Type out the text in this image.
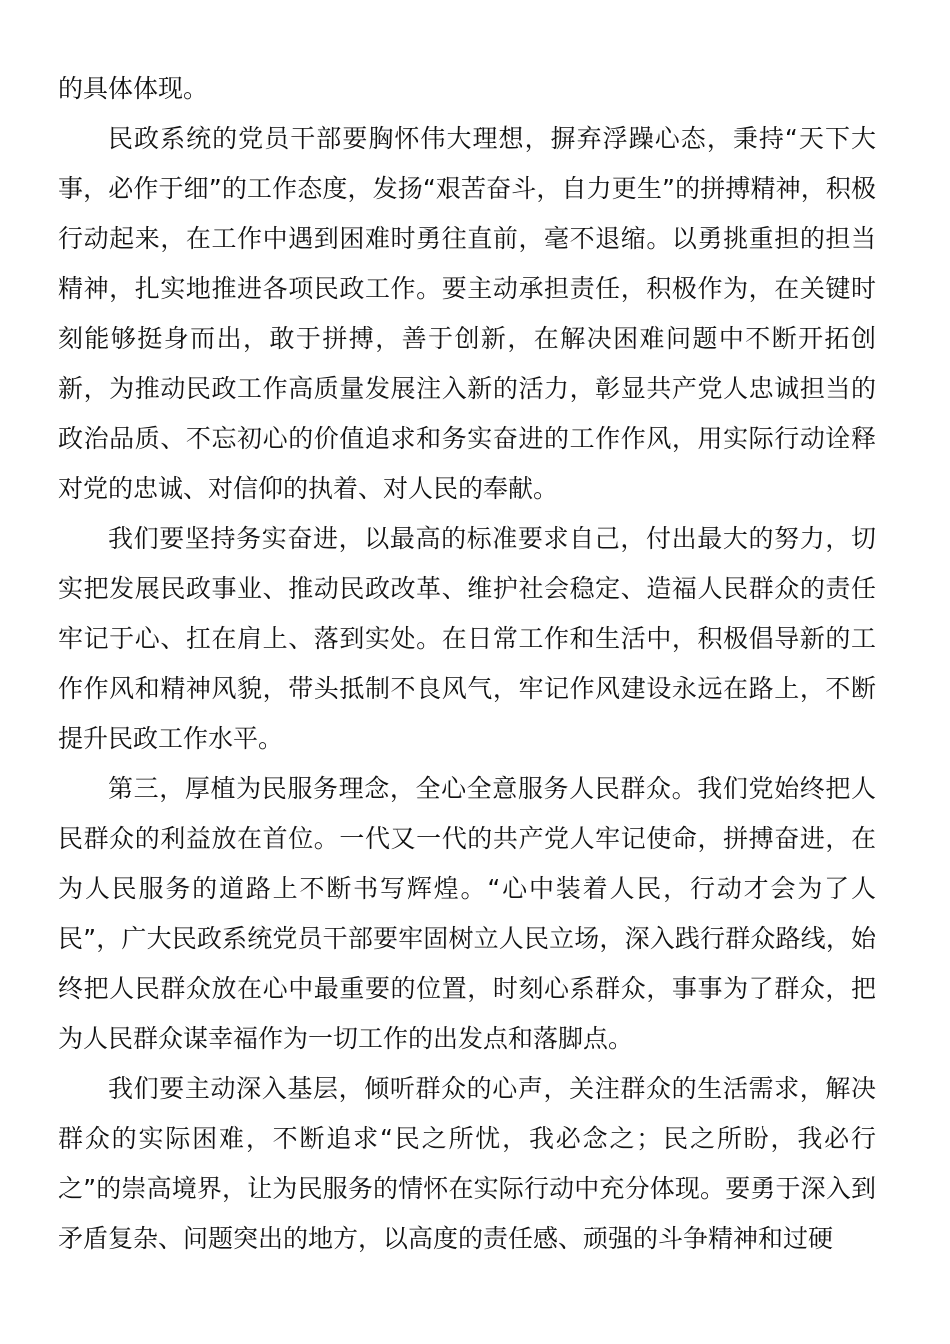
的具体体现。

民政系统的党员干部要胸怀伟大理想，摒弃浮躁心态，秉持“天下大事，必作于细”的工作态度，发扬“艰苦奋斗，自力更生”的拼搏精神，积极行动起来，在工作中遇到困难时勇往直前，毫不退缩。以勇挑重担的担当精神，扎实地推进各项民政工作。要主动承担责任，积极作为，在关键时刻能够挺身而出，敢于拼搏，善于创新，在解决困难问题中不断开拓创新，为推动民政工作高质量发展注入新的活力，彰显共产党人忠诚担当的政治品质、不忘初心的价值追求和务实奋进的工作作风，用实际行动诠释对党的忠诚、对信仰的执着、对人民的奉献。

我们要坚持务实奋进，以最高的标准要求自己，付出最大的努力，切实把发展民政事业、推动民政改革、维护社会稳定、造福人民群众的责任牢记于心、扛在肩上、落到实处。在日常工作和生活中，积极倡导新的工作作风和精神风貌，带头抵制不良风气，牢记作风建设永远在路上，不断提升民政工作水平。

第三，厚植为民服务理念，全心全意服务人民群众。我们党始终把人民群众的利益放在首位。一代又一代的共产党人牢记使命，拼搏奋进，在为人民服务的道路上不断书写辉煌。“心中装着人民，行动才会为了人民”，广大民政系统党员干部要牢固树立人民立场，深入践行群众路线，始终把人民群众放在心中最重要的位置，时刻心系群众，事事为了群众，把为人民群众谋幸福作为一切工作的出发点和落脚点。

我们要主动深入基层，倾听群众的心声，关注群众的生活需求，解决群众的实际困难，不断追求“民之所忧，我必念之；民之所盼，我必行之”的崇高境界，让为民服务的情怀在实际行动中充分体现。要勇于深入到矛盾复杂、问题突出的地方，以高度的责任感、顽强的斗争精神和过硬
